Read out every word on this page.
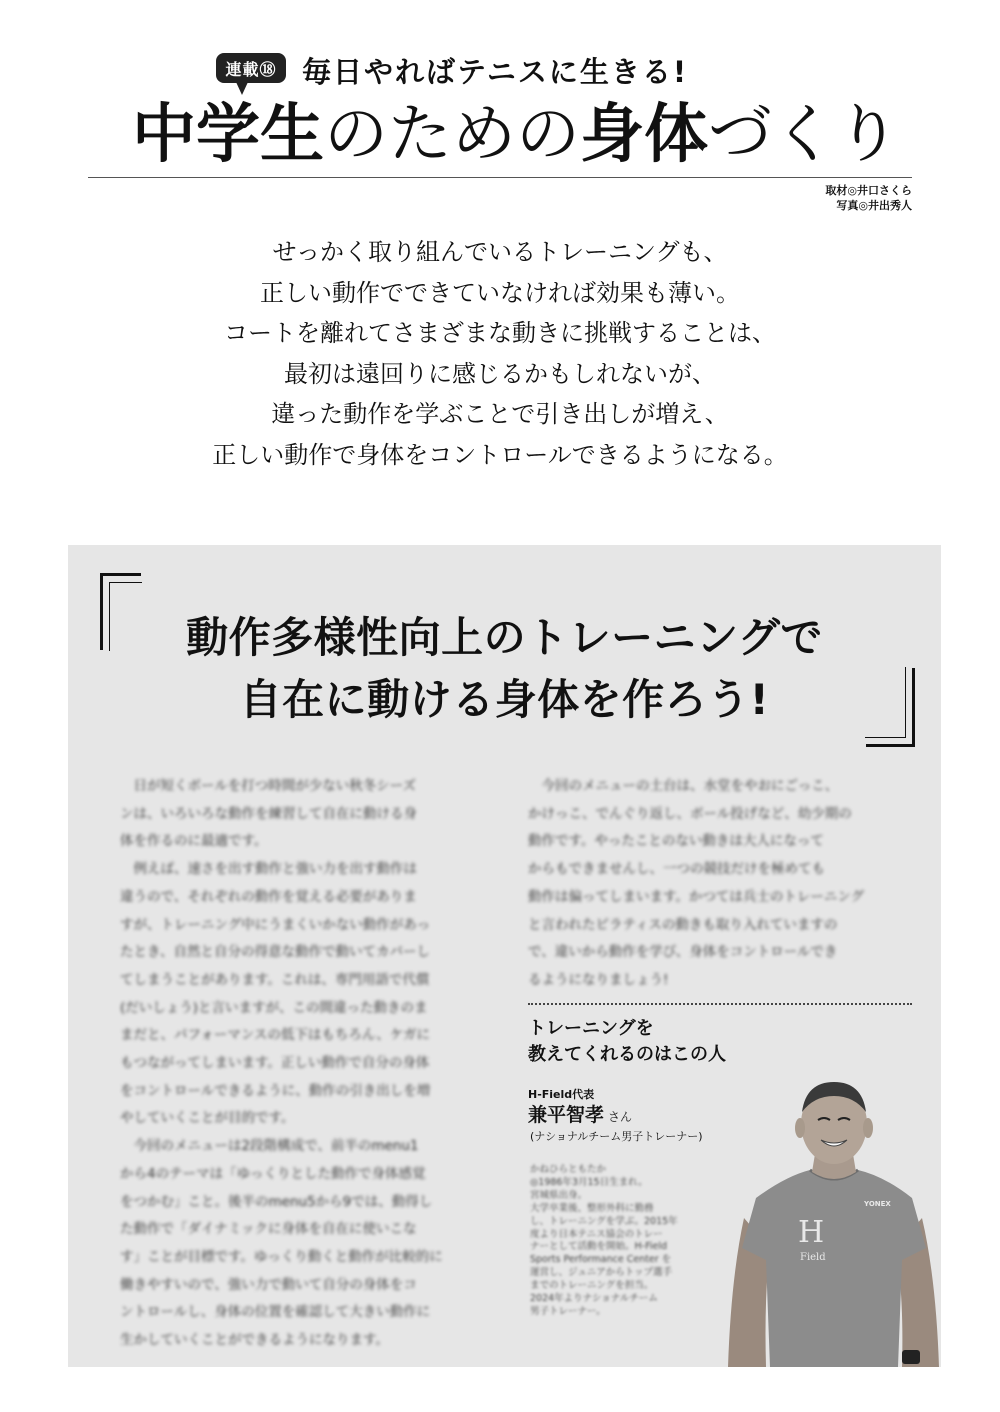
連載⑱ 毎日やればテニスに生きる!
中学生のための身体づくり
取材◎井口さくら
写真◎井出秀人
せっかく取り組んでいるトレーニングも、
正しい動作でできていなければ効果も薄い。
コートを離れてさまざまな動きに挑戦することは、
最初は遠回りに感じるかもしれないが、
違った動作を学ぶことで引き出しが増え、
正しい動作で身体をコントロールできるようになる。
動作多様性向上のトレーニングで
自在に動ける身体を作ろう!

日が短くボールを打つ時間が少ない秋冬シーズ

ンは、いろいろな動作を練習して自在に動ける身

体を作るのに最適です。

例えば、速さを出す動作と強い力を出す動作は

違うので、それぞれの動作を覚える必要がありま

すが、トレーニング中にうまくいかない動作があっ

たとき、自然と自分の得意な動作で動いてカバーし

てしまうことがあります。これは、専門用語で代償

(だいしょう)と言いますが、この間違った動きのま

まだと、パフォーマンスの低下はもちろん、ケガに

もつながってしまいます。正しい動作で自分の身体

をコントロールできるように、動作の引き出しを増

やしていくことが目的です。

今回のメニューは2段階構成で、前半のmenu1

から4のテーマは「ゆっくりとした動作で身体感覚

をつかむ」こと。後半のmenu5から9では、動得し

た動作で「ダイナミックに身体を自在に使いこな

す」ことが目標です。ゆっくり動くと動作が比較的に

働きやすいので、強い力で動いて自分の身体をコ

ントロールし、身体の位置を確認して大きい動作に

生かしていくことができるようになります。

今回のメニューの土台は、水堂をやおにごっこ、

かけっこ、でんぐり返し、ボール投げなど、幼少期の

動作です。やったことのない動きは大人になって

からもできませんし、一つの競技だけを極めても

動作は偏ってしまいます。かつては兵士のトレーニング

と言われたピラティスの動きも取り入れていますの

で、違いから動作を学び、身体をコントロールでき

るようになりましょう!

トレーニングを
教えてくれるのはこの人
H-Field代表
兼平智孝 さん
(ナショナルチーム男子トレーナー)

かねひらともたか

◎1986年3月15日生まれ。

宮城県出身。

大学卒業後、整形外科に勤務

し、トレーニングを学ぶ。2015年

度より日本テニス協会のトレー

ナーとして活動を開始。H-Field

Sports Performance Center を

運営し、ジュニアからトップ選手

までのトレーニングを担当。

2024年よりナショナルチーム

男子トレーナー。

H
Field
YONEX
